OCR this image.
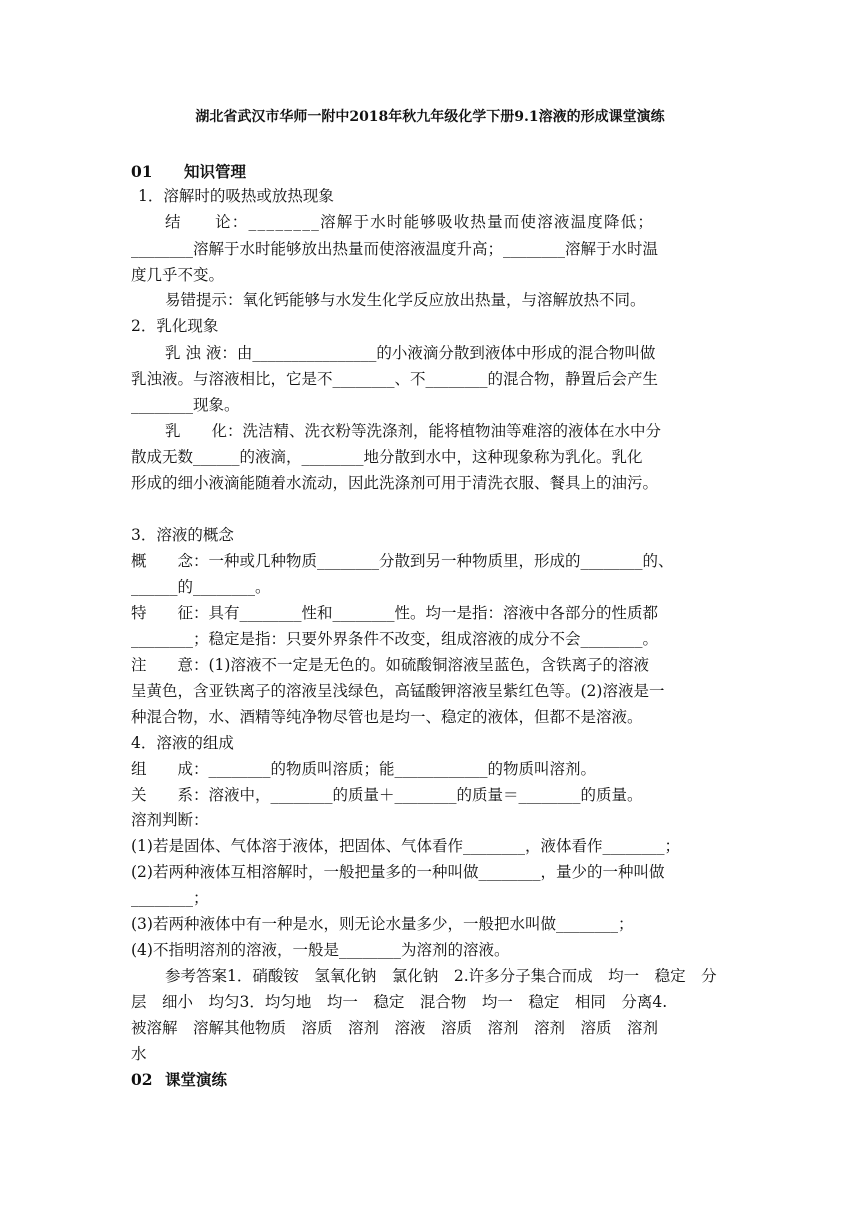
湖北省武汉市华师一附中2018年秋九年级化学下册9.1溶液的形成课堂演练
01 知识管理
1．溶解时的吸热或放热现象
结　　论：________溶解于水时能够吸收热量而使溶液温度降低；
________溶解于水时能够放出热量而使溶液温度升高；________溶解于水时温
度几乎不变。
易错提示：氧化钙能够与水发生化学反应放出热量，与溶解放热不同。
2．乳化现象
乳 浊 液：由________________的小液滴分散到液体中形成的混合物叫做
乳浊液。与溶液相比，它是不________、不________的混合物，静置后会产生
________现象。
乳　　化：洗洁精、洗衣粉等洗涤剂，能将植物油等难溶的液体在水中分
散成无数______的液滴，________地分散到水中，这种现象称为乳化。乳化
形成的细小液滴能随着水流动，因此洗涤剂可用于清洗衣服、餐具上的油污。
3．溶液的概念
概　　念：一种或几种物质________分散到另一种物质里，形成的________的、
______的________。
特　　征：具有________性和________性。均一是指：溶液中各部分的性质都
________；稳定是指：只要外界条件不改变，组成溶液的成分不会________。
注　　意：(1)溶液不一定是无色的。如硫酸铜溶液呈蓝色，含铁离子的溶液
呈黄色，含亚铁离子的溶液呈浅绿色，高锰酸钾溶液呈紫红色等。(2)溶液是一
种混合物，水、酒精等纯净物尽管也是均一、稳定的液体，但都不是溶液。
4．溶液的组成
组　　成：________的物质叫溶质；能____________的物质叫溶剂。
关　　系：溶液中，________的质量＋________的质量＝________的质量。
溶剂判断：
(1)若是固体、气体溶于液体，把固体、气体看作________，液体看作________；
(2)若两种液体互相溶解时，一般把量多的一种叫做________，量少的一种叫做
________；
(3)若两种液体中有一种是水，则无论水量多少，一般把水叫做________；
(4)不指明溶剂的溶液，一般是________为溶剂的溶液。
参考答案1．硝酸铵　氢氧化钠　氯化钠　2.许多分子集合而成　均一　稳定　分
层　细小　均匀3．均匀地　均一　稳定　混合物　均一　稳定　相同　分离4.
被溶解　溶解其他物质　溶质　溶剂　溶液　溶质　溶剂　溶剂　溶质　溶剂
水
02 课堂演练
